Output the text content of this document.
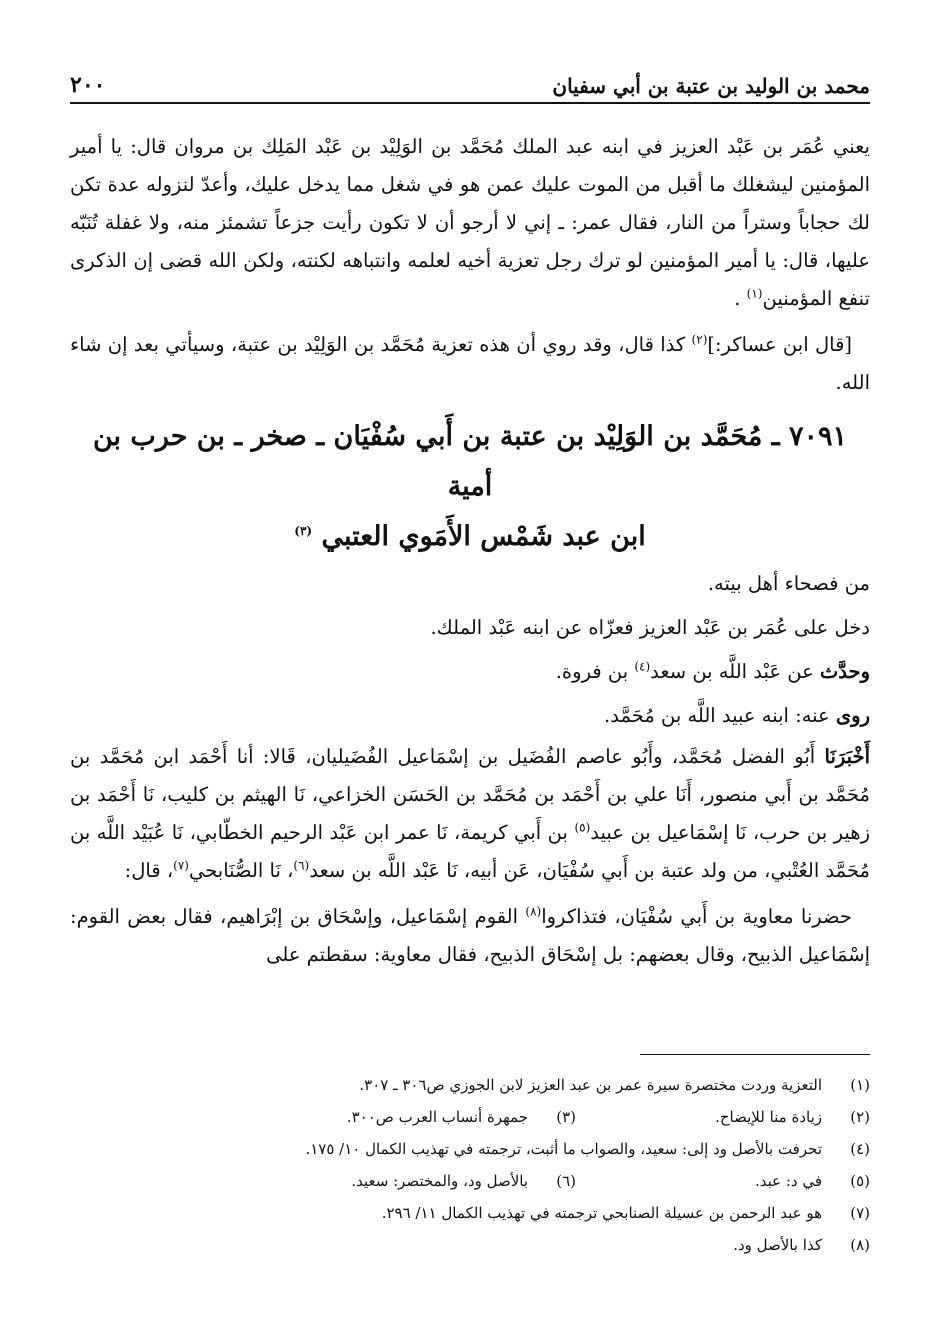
محمد بن الوليد بن عتبة بن أبي سفيان
٢٠٠

يعني عُمَر بن عَبْد العزيز في ابنه عبد الملك مُحَمَّد بن الوَلِيْد بن عَبْد المَلِك بن مروان قال: يا أمير المؤمنين ليشغلك ما أقبل من الموت عليك عمن هو في شغل مما يدخل عليك، وأعدّ لنزوله عدة تكن لك حجاباً وستراً من النار، فقال عمر: ـ إني لا أرجو أن لا تكون رأيت جزعاً تشمئز منه، ولا غفلة تُنَبّه عليها، قال: يا أمير المؤمنين لو ترك رجل تعزية أخيه لعلمه وانتباهه لكنته، ولكن الله قضى إن الذكرى تنفع المؤمنين$^{(١)}$ .

[قال ابن عساكر:]$^{(٢)}$ كذا قال، وقد روي أن هذه تعزية مُحَمَّد بن الوَلِيْد بن عتبة، وسيأتي بعد إن شاء الله.

٧٠٩١ ـ مُحَمَّد بن الوَلِيْد بن عتبة بن أَبي سُفْيَان ـ صخر ـ بن حرب بن أمية
ابن عبد شَمْس الأَمَوي العتبي $^{(٣)}$

من فصحاء أهل بيته.

دخل على عُمَر بن عَبْد العزيز فعزّاه عن ابنه عَبْد الملك.

وحدَّث عن عَبْد اللَّه بن سعد$^{(٤)}$ بن فروة.

روى عنه: ابنه عبيد اللَّه بن مُحَمَّد.

أَخْبَرَنَا أَبُو الفضل مُحَمَّد، وأَبُو عاصم الفُضَيل بن إسْمَاعيل الفُضَيليان، قَالا: أنا أَحْمَد ابن مُحَمَّد بن مُحَمَّد بن أَبي منصور، أَنَا علي بن أَحْمَد بن مُحَمَّد بن الحَسَن الخزاعي، نَا الهيثم بن كليب، نَا أَحْمَد بن زهير بن حرب، نَا إسْمَاعيل بن عبيد$^{(٥)}$ بن أَبي كريمة، نَا عمر ابن عَبْد الرحيم الخطّابي، نَا عُبَيْد اللَّه بن مُحَمَّد العُتْبي، من ولد عتبة بن أَبي سُفْيَان، عَن أبيه، نَا عَبْد اللَّه بن سعد$^{(٦)}$، نَا الصُّنَابحي$^{(٧)}$، قال:

حضرنا معاوية بن أَبي سُفْيَان، فتذاكروا$^{(٨)}$ القوم إسْمَاعيل، وإسْحَاق بن إبْرَاهيم، فقال بعض القوم: إسْمَاعيل الذبيح، وقال بعضهم: بل إسْحَاق الذبيح، فقال معاوية: سقطتم على

(١)
التعزية وردت مختصرة سيرة عمر بن عبد العزيز لابن الجوزي ص٣٠٦ ـ ٣٠٧.
(٢)
زيادة منا للإيضاح.
(٣)
جمهرة أنساب العرب ص٣٠٠.
(٤)
تحرفت بالأصل ود إلى: سعيد، والصواب ما أثبت، ترجمته في تهذيب الكمال ١٠/ ١٧٥.
(٥)
في د: عبد.
(٦)
بالأصل ود، والمختصر: سعيد.
(٧)
هو عبد الرحمن بن عسيلة الصنابحي ترجمته في تهذيب الكمال ١١/ ٢٩٦.
(٨)
كذا بالأصل ود.
